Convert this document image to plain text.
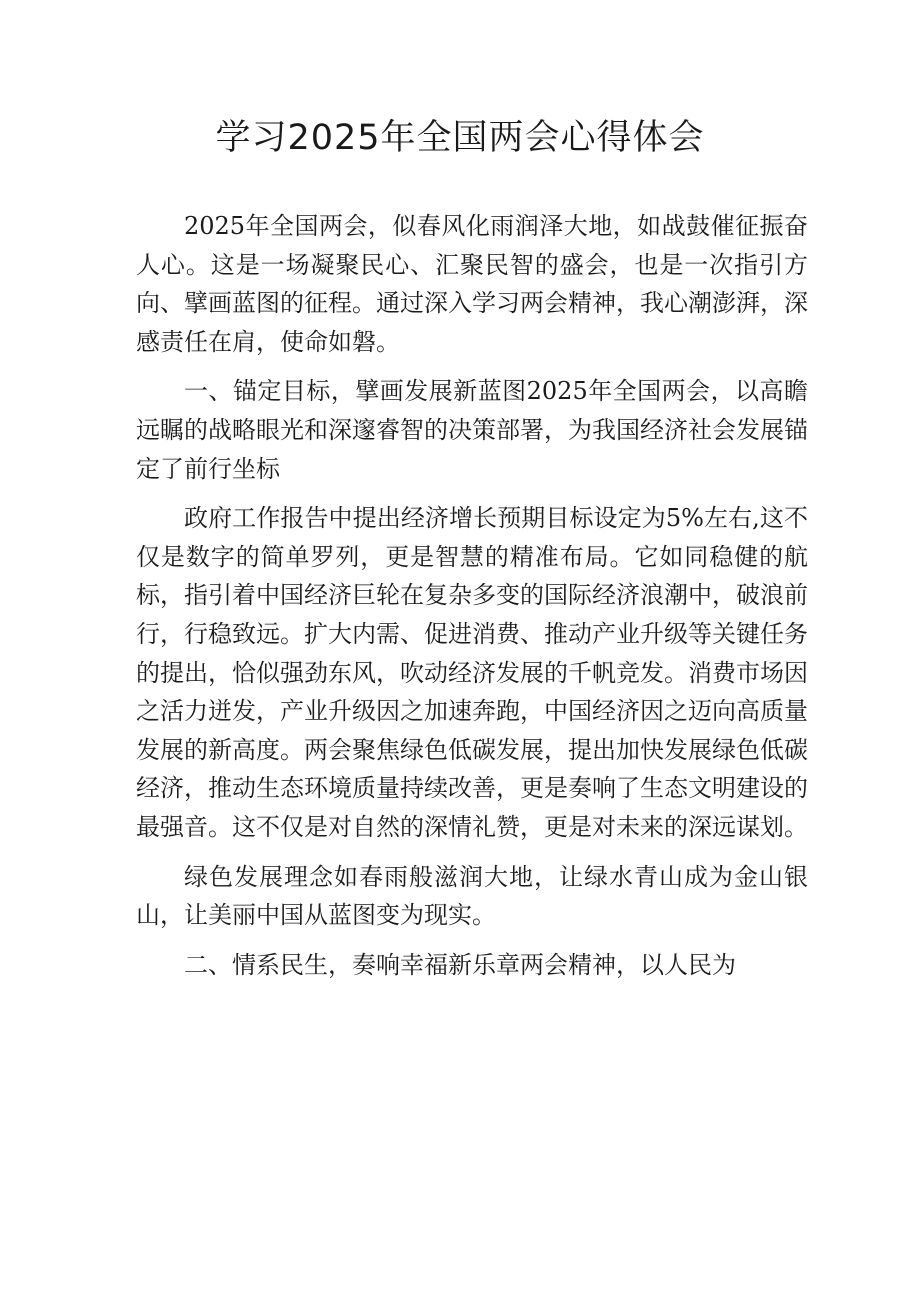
学习2025年全国两会心得体会

2025年全国两会，似春风化雨润泽大地，如战鼓催征振奋人心。这是一场凝聚民心、汇聚民智的盛会，也是一次指引方向、擘画蓝图的征程。通过深入学习两会精神，我心潮澎湃，深感责任在肩，使命如磐。

一、锚定目标，擘画发展新蓝图2025年全国两会，以高瞻远瞩的战略眼光和深邃睿智的决策部署，为我国经济社会发展锚定了前行坐标

政府工作报告中提出经济增长预期目标设定为5%左右,这不仅是数字的简单罗列，更是智慧的精准布局。它如同稳健的航标，指引着中国经济巨轮在复杂多变的国际经济浪潮中，破浪前行，行稳致远。扩大内需、促进消费、推动产业升级等关键任务的提出，恰似强劲东风，吹动经济发展的千帆竞发。消费市场因之活力迸发，产业升级因之加速奔跑，中国经济因之迈向高质量发展的新高度。两会聚焦绿色低碳发展，提出加快发展绿色低碳经济，推动生态环境质量持续改善，更是奏响了生态文明建设的最强音。这不仅是对自然的深情礼赞，更是对未来的深远谋划。

绿色发展理念如春雨般滋润大地，让绿水青山成为金山银山，让美丽中国从蓝图变为现实。

二、情系民生，奏响幸福新乐章两会精神，以人民为
